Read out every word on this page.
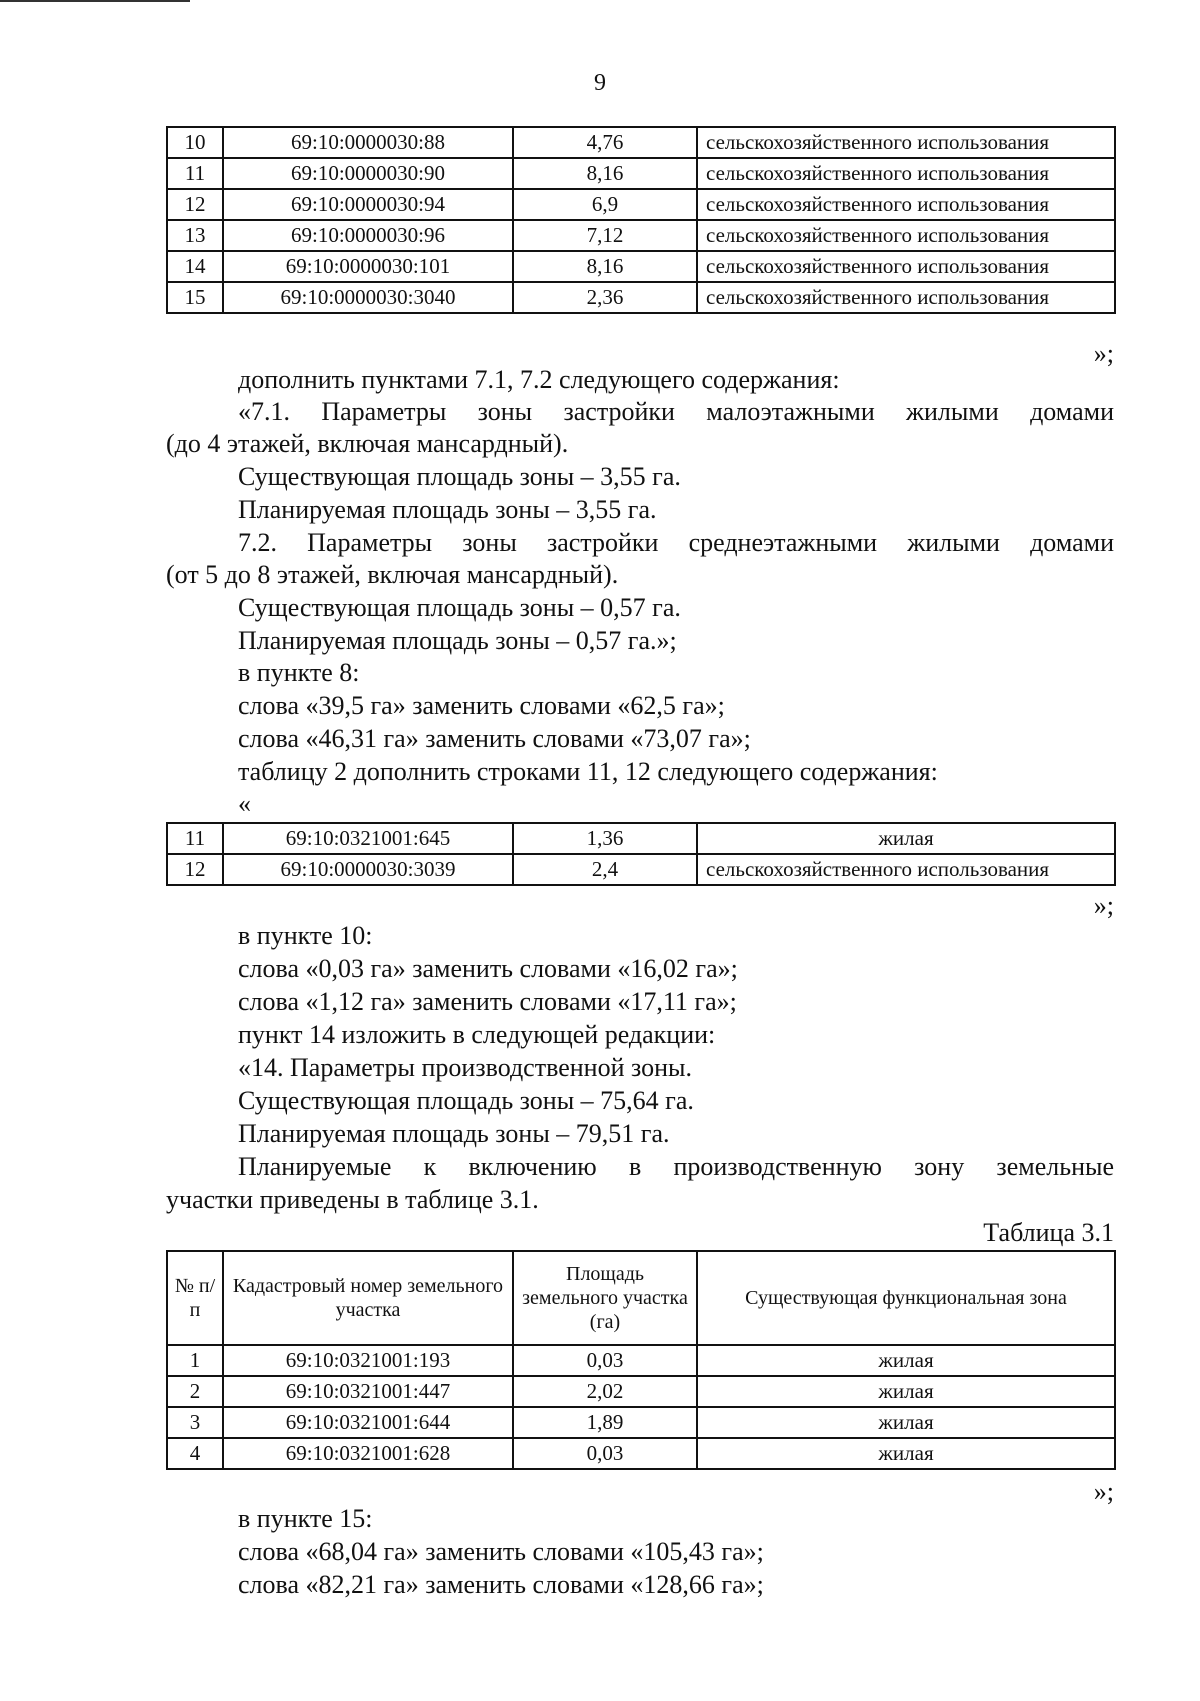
9
10	69:10:0000030:88	4,76	сельскохозяйственного использования
11	69:10:0000030:90	8,16	сельскохозяйственного использования
12	69:10:0000030:94	6,9	сельскохозяйственного использования
13	69:10:0000030:96	7,12	сельскохозяйственного использования
14	69:10:0000030:101	8,16	сельскохозяйственного использования
15	69:10:0000030:3040	2,36	сельскохозяйственного использования
»;
дополнить пунктами 7.1, 7.2 следующего содержания:
«7.1. Параметры зоны застройки малоэтажными жилыми домами
(до 4 этажей, включая мансардный).
Существующая площадь зоны – 3,55 га.
Планируемая площадь зоны – 3,55 га.
7.2. Параметры зоны застройки среднеэтажными жилыми домами
(от 5 до 8 этажей, включая мансардный).
Существующая площадь зоны – 0,57 га.
Планируемая площадь зоны – 0,57 га.»;
в пункте 8:
слова «39,5 га» заменить словами «62,5 га»;
слова «46,31 га» заменить словами «73,07 га»;
таблицу 2 дополнить строками 11, 12 следующего содержания:
«
11	69:10:0321001:645	1,36	жилая
12	69:10:0000030:3039	2,4	сельскохозяйственного использования
»;
в пункте 10:
слова «0,03 га» заменить словами «16,02 га»;
слова «1,12 га» заменить словами «17,11 га»;
пункт 14 изложить в следующей редакции:
«14. Параметры производственной зоны.
Существующая площадь зоны – 75,64 га.
Планируемая площадь зоны – 79,51 га.
Планируемые к включению в производственную зону земельные
участки приведены в таблице 3.1.
Таблица 3.1
№ п/п	Кадастровый номер земельного участка	Площадь земельного участка (га)	Существующая функциональная зона
1	69:10:0321001:193	0,03	жилая
2	69:10:0321001:447	2,02	жилая
3	69:10:0321001:644	1,89	жилая
4	69:10:0321001:628	0,03	жилая
»;
в пункте 15:
слова «68,04 га» заменить словами «105,43 га»;
слова «82,21 га» заменить словами «128,66 га»;
